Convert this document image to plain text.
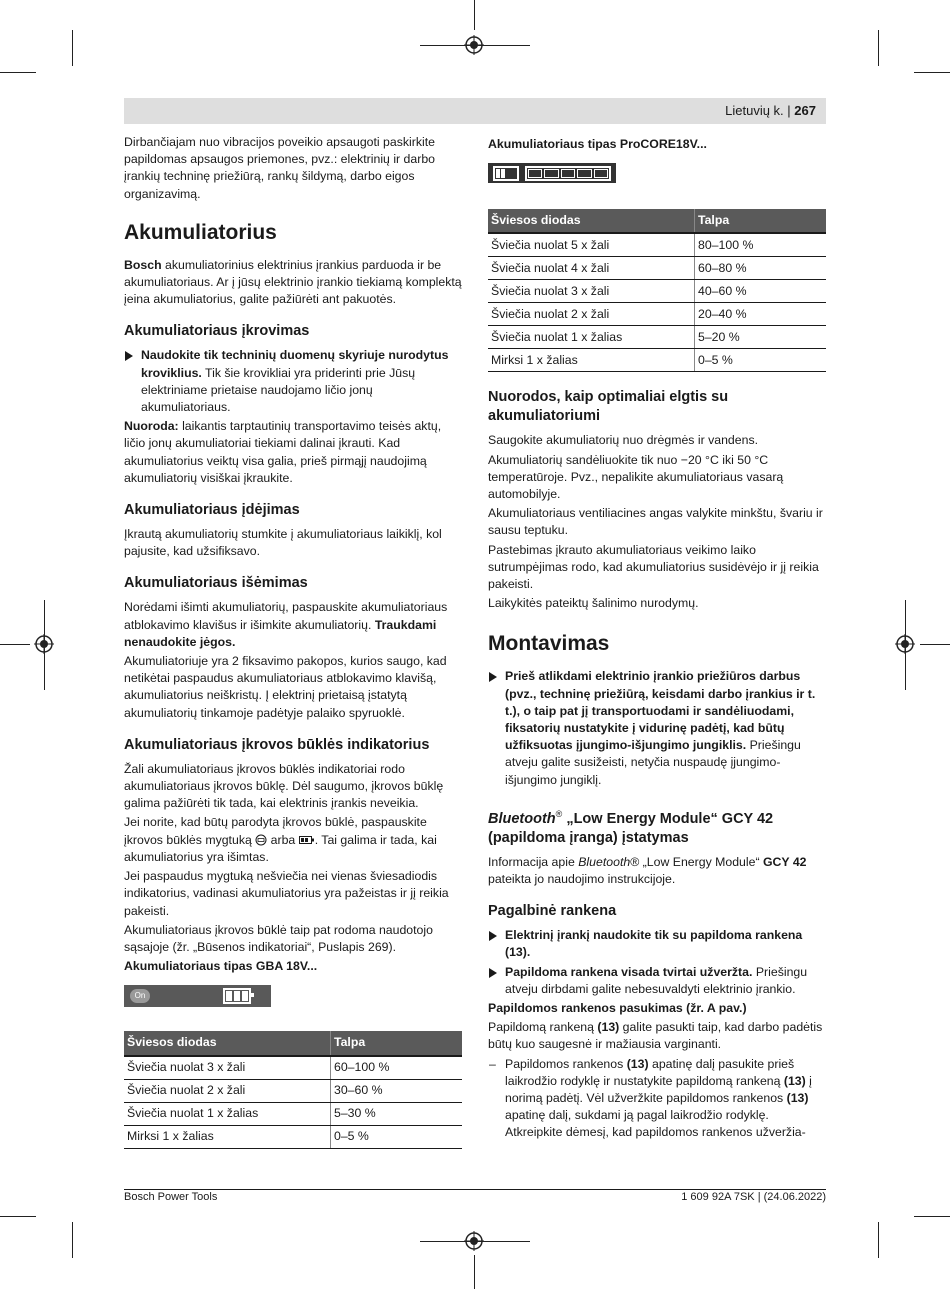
Lietuvių k. | 267

Dirbančiajam nuo vibracijos poveikio apsaugoti paskirkite papildomas apsaugos priemones, pvz.: elektrinių ir darbo įrankių techninę priežiūrą, rankų šildymą, darbo eigos organizavimą.

Akumuliatorius

Bosch akumuliatorinius elektrinius įrankius parduoda ir be akumuliatoriaus. Ar į jūsų elektrinio įrankio tiekiamą komplektą įeina akumuliatorius, galite pažiūrėti ant pakuotės.

Akumuliatoriaus įkrovimas
Naudokite tik techninių duomenų skyriuje nurodytus kroviklius. Tik šie krovikliai yra priderinti prie Jūsų elektriniame prietaise naudojamo ličio jonų akumuliatoriaus.

Nuoroda: laikantis tarptautinių transportavimo teisės aktų, ličio jonų akumuliatoriai tiekiami dalinai įkrauti. Kad akumuliatorius veiktų visa galia, prieš pirmąjį naudojimą akumuliatorių visiškai įkraukite.

Akumuliatoriaus įdėjimas

Įkrautą akumuliatorių stumkite į akumuliatoriaus laikiklį, kol pajusite, kad užsifiksavo.

Akumuliatoriaus išėmimas

Norėdami išimti akumuliatorių, paspauskite akumuliatoriaus atblokavimo klavišus ir išimkite akumuliatorių. Traukdami nenaudokite jėgos.

Akumuliatoriuje yra 2 fiksavimo pakopos, kurios saugo, kad netikėtai paspaudus akumuliatoriaus atblokavimo klavišą, akumuliatorius neiškristų. Į elektrinį prietaisą įstatytą akumuliatorių tinkamoje padėtyje palaiko spyruoklė.

Akumuliatoriaus įkrovos būklės indikatorius

Žali akumuliatoriaus įkrovos būklės indikatoriai rodo akumuliatoriaus įkrovos būklę. Dėl saugumo, įkrovos būklę galima pažiūrėti tik tada, kai elektrinis įrankis neveikia.

Jei norite, kad būtų parodyta įkrovos būklė, paspauskite įkrovos būklės mygtuką  arba . Tai galima ir tada, kai akumuliatorius yra išimtas.

Jei paspaudus mygtuką nešviečia nei vienas šviesadiodis indikatorius, vadinasi akumuliatorius yra pažeistas ir jį reikia pakeisti.

Akumuliatoriaus įkrovos būklė taip pat rodoma naudotojo sąsajoje (žr. „Būsenos indikatoriai“, Puslapis 269).

Akumuliatoriaus tipas GBA 18V...

On
Šviesos diodas	Talpa
Šviečia nuolat 3 x žali	60–100 %
Šviečia nuolat 2 x žali	30–60 %
Šviečia nuolat 1 x žalias	5–30 %
Mirksi 1 x žalias	0–5 %

Akumuliatoriaus tipas ProCORE18V...

Šviesos diodas	Talpa
Šviečia nuolat 5 x žali	80–100 %
Šviečia nuolat 4 x žali	60–80 %
Šviečia nuolat 3 x žali	40–60 %
Šviečia nuolat 2 x žali	20–40 %
Šviečia nuolat 1 x žalias	5–20 %
Mirksi 1 x žalias	0–5 %
Nuorodos, kaip optimaliai elgtis su akumuliatoriumi

Saugokite akumuliatorių nuo drėgmės ir vandens.

Akumuliatorių sandėliuokite tik nuo −20 °C iki 50 °C temperatūroje. Pvz., nepalikite akumuliatoriaus vasarą automobilyje.

Akumuliatoriaus ventiliacines angas valykite minkštu, švariu ir sausu teptuku.

Pastebimas įkrauto akumuliatoriaus veikimo laiko sutrumpėjimas rodo, kad akumuliatorius susidėvėjo ir jį reikia pakeisti.

Laikykitės pateiktų šalinimo nurodymų.

Montavimas
Prieš atlikdami elektrinio įrankio priežiūros darbus (pvz., techninę priežiūrą, keisdami darbo įrankius ir t. t.), o taip pat jį transportuodami ir sandėliuodami, fiksatorių nustatykite į vidurinę padėtį, kad būtų užfiksuotas įjungimo-išjungimo jungiklis. Priešingu atveju galite susižeisti, netyčia nuspaudę įjungimo-išjungimo jungiklį.
Bluetooth® „Low Energy Module“ GCY 42 (papildoma įranga) įstatymas

Informacija apie Bluetooth® „Low Energy Module“ GCY 42 pateikta jo naudojimo instrukcijoje.

Pagalbinė rankena
Elektrinį įrankį naudokite tik su papildoma rankena (13).
Papildoma rankena visada tvirtai užveržta. Priešingu atveju dirbdami galite nebesuvaldyti elektrinio įrankio.

Papildomos rankenos pasukimas (žr. A pav.)

Papildomą rankeną (13) galite pasukti taip, kad darbo padėtis būtų kuo saugesnė ir mažiausia varginanti.

– Papildomos rankenos (13) apatinę dalį pasukite prieš laikrodžio rodyklę ir nustatykite papildomą rankeną (13) į norimą padėtį. Vėl užveržkite papildomos rankenos (13) apatinę dalį, sukdami ją pagal laikrodžio rodyklę.
Atkreipkite dėmesį, kad papildomos rankenos užveržia-
Bosch Power Tools	1 609 92A 7SK | (24.06.2022)
